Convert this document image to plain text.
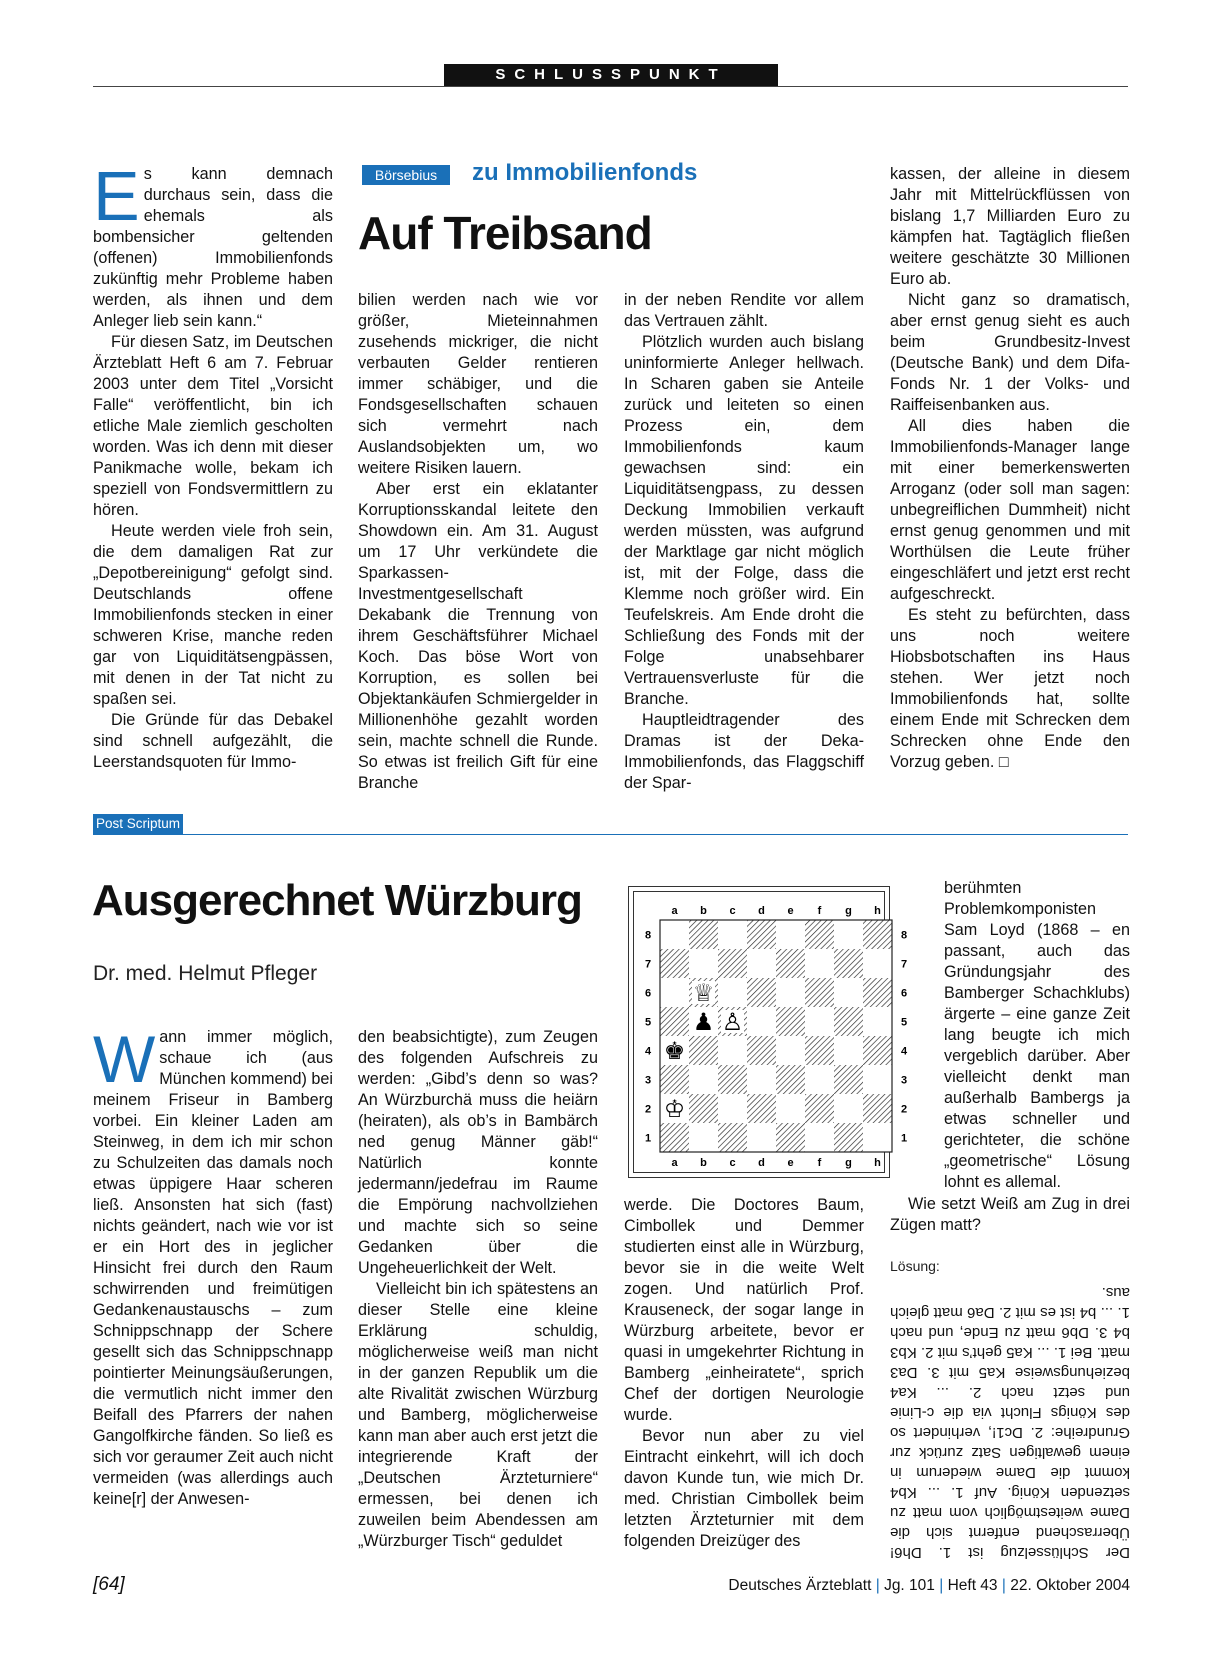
SCHLUSSPUNKT
Börsebius	zu Immobilienfonds
Auf Treibsand
E s kann demnach durchaus sein, dass die ehemals als bombensicher geltenden (offenen) Immobilienfonds zukünftig mehr Probleme haben werden, als ihnen und dem Anleger lieb sein kann.“

Für diesen Satz, im Deutschen Ärzteblatt Heft 6 am 7. Februar 2003 unter dem Titel „Vorsicht Falle“ veröffentlicht, bin ich etliche Male ziemlich gescholten worden. Was ich denn mit dieser Panikmache wolle, bekam ich speziell von Fondsvermittlern zu hören.

Heute werden viele froh sein, die dem damaligen Rat zur „Depotbereinigung“ gefolgt sind. Deutschlands offene Immobilienfonds stecken in einer schweren Krise, manche reden gar von Liquiditätsengpässen, mit denen in der Tat nicht zu spaßen sei.

Die Gründe für das Debakel sind schnell aufgezählt, die Leerstandsquoten für Immo-

bilien werden nach wie vor größer, Mieteinnahmen zusehends mickriger, die nicht verbauten Gelder rentieren immer schäbiger, und die Fondsgesellschaften schauen sich vermehrt nach Auslandsobjekten um, wo weitere Risiken lauern.

Aber erst ein eklatanter Korruptionsskandal leitete den Showdown ein. Am 31. August um 17 Uhr verkündete die Sparkassen-Investmentgesellschaft Dekabank die Trennung von ihrem Geschäftsführer Michael Koch. Das böse Wort von Korruption, es sollen bei Objektankäufen Schmiergelder in Millionenhöhe gezahlt worden sein, machte schnell die Runde. So etwas ist freilich Gift für eine Branche

in der neben Rendite vor allem das Vertrauen zählt.

Plötzlich wurden auch bislang uninformierte Anleger hellwach. In Scharen gaben sie Anteile zurück und leiteten so einen Prozess ein, dem Immobilienfonds kaum gewachsen sind: ein Liquiditätsengpass, zu dessen Deckung Immobilien verkauft werden müssten, was aufgrund der Marktlage gar nicht möglich ist, mit der Folge, dass die Klemme noch größer wird. Ein Teufelskreis. Am Ende droht die Schließung des Fonds mit der Folge unabsehbarer Vertrauensverluste für die Branche.

Hauptleidtragender des Dramas ist der Deka-Immobilienfonds, das Flaggschiff der Spar-

kassen, der alleine in diesem Jahr mit Mittelrückflüssen von bislang 1,7 Milliarden Euro zu kämpfen hat. Tagtäglich fließen weitere geschätzte 30 Millionen Euro ab.

Nicht ganz so dramatisch, aber ernst genug sieht es auch beim Grundbesitz-Invest (Deutsche Bank) und dem Difa-Fonds Nr. 1 der Volks- und Raiffeisenbanken aus.

All dies haben die Immobilienfonds-Manager lange mit einer bemerkenswerten Arroganz (oder soll man sagen: unbegreiflichen Dummheit) nicht ernst genug genommen und mit Worthülsen die Leute früher eingeschläfert und jetzt erst recht aufgeschreckt.

Es steht zu befürchten, dass uns noch weitere Hiobsbotschaften ins Haus stehen. Wer jetzt noch Immobilienfonds hat, sollte einem Ende mit Schrecken dem Schrecken ohne Ende den Vorzug geben. □

Post Scriptum
Ausgerechnet Würzburg
Dr. med. Helmut Pfleger
W ann immer möglich, schaue ich (aus München kommend) bei meinem Friseur in Bamberg vorbei. Ein kleiner Laden am Steinweg, in dem ich mir schon zu Schulzeiten das damals noch etwas üppigere Haar scheren ließ. Ansonsten hat sich (fast) nichts geändert, nach wie vor ist er ein Hort des in jeglicher Hinsicht frei durch den Raum schwirrenden und freimütigen Gedankenaustauschs – zum Schnippschnapp der Schere gesellt sich das Schnippschnapp pointierter Meinungsäußerungen, die vermutlich nicht immer den Beifall des Pfarrers der nahen Gangolfkirche fänden. So ließ es sich vor geraumer Zeit auch nicht vermeiden (was allerdings auch keine[r] der Anwesen-

den beabsichtigte), zum Zeugen des folgenden Aufschreis zu werden: „Gibd’s denn so was? An Würzburchä muss die heiärn (heiraten), als ob’s in Bambärch ned genug Männer gäb!“ Natürlich konnte jedermann/jedefrau im Raume die Empörung nachvollziehen und machte sich so seine Gedanken über die Ungeheuerlichkeit der Welt.

Vielleicht bin ich spätestens an dieser Stelle eine kleine Erklärung schuldig, möglicherweise weiß man nicht in der ganzen Republik um die alte Rivalität zwischen Würzburg und Bamberg, möglicherweise kann man aber auch erst jetzt die integrierende Kraft der „Deutschen Ärzteturniere“ ermessen, bei denen ich zuweilen beim Abendessen am „Würzburger Tisch“ geduldet

werde. Die Doctores Baum, Cimbollek und Demmer studierten einst alle in Würzburg, bevor sie in die weite Welt zogen. Und natürlich Prof. Krauseneck, der sogar lange in Würzburg arbeitete, bevor er quasi in umgekehrter Richtung in Bamberg „einheiratete“, sprich Chef der dortigen Neurologie wurde.

Bevor nun aber zu viel Eintracht einkehrt, will ich doch davon Kunde tun, wie mich Dr. med. Christian Cimbollek beim letzten Ärzteturnier mit dem folgenden Dreizüger des

berühmten Problemkomponisten Sam Loyd (1868 – en passant, auch das Gründungsjahr des Bamberger Schachklubs) ärgerte – eine ganze Zeit lang beugte ich mich vergeblich darüber. Aber vielleicht denkt man außerhalb Bambergs ja etwas schneller und gerichteter, die schöne „geometrische“ Lösung lohnt es allemal.

Wie setzt Weiß am Zug in drei Zügen matt?

Lösung:
Der Schlüsselzug ist 1. Dh6! Überraschend entfernt sich die Dame weitestmöglich vom matt zu setzenden König. Auf 1. ... Kb4 kommt die Dame wiederum in einem gewaltigen Satz zurück zur Grundreihe: 2. Dc1!, verhindert so des Königs Flucht via die c-Linie und setzt nach 2. ... Ka4 beziehungsweise Ka5 mit 3. Da3 matt. Bei 1. ... Ka5 geht’s mit 2. Kb3 b4 3. Db6 matt zu Ende, und nach 1. ... b4 ist es mit 2. Da6 matt gleich aus.
a
a
b
b
c
c
d
d
e
e
f
f
g
g
h
h
8	8
7	7
6	6
5	5
4	4
3	3
2	2
1	1
♕
♟ ♙
♚
♔
[64]	Deutsches Ärzteblatt | Jg. 101 | Heft 43 | 22. Oktober 2004
